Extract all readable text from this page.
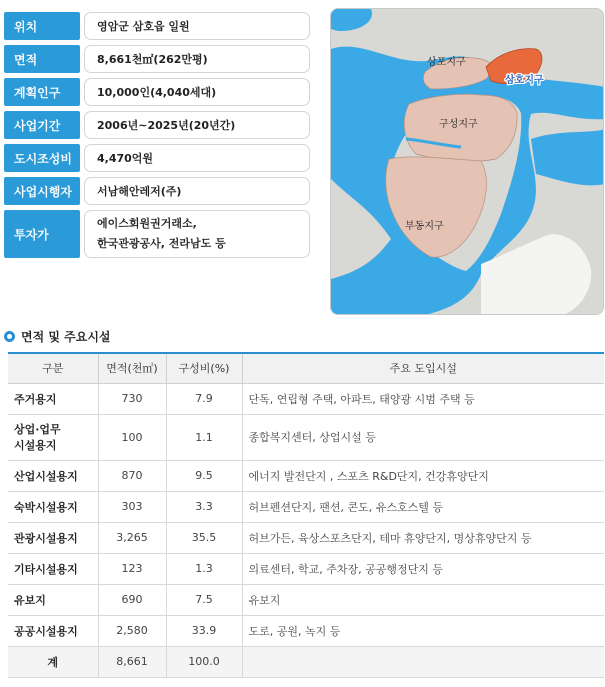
위치	영암군 삼호읍 일원
면적	8,661천㎡(262만평)
계획인구	10,000인(4,040세대)
사업기간	2006년~2025년(20년간)
도시조성비	4,470억원
사업시행자	서남해안레저(주)
투자가
에이스회원권거래소,
한국관광공사, 전라남도 등
삼포지구
삼호지구
구성지구
부동지구
면적 및 주요시설
구분	면적(천㎡)	구성비(%)	주요 도입시설
주거용지	730	7.9	단독, 연립형 주택, 아파트, 태양광 시범 주택 등

상업·업무
시설용지	100	1.1	종합복지센터, 상업시설 등
산업시설용지	870	9.5	에너지 발전단지 , 스포츠 R&D단지, 건강휴양단지
숙박시설용지	303	3.3	허브펜션단지, 팬션, 콘도, 유스호스텔 등
관광시설용지	3,265	35.5	허브가든, 육상스포츠단지, 테마 휴양단지, 명상휴양단지 등
기타시설용지	123	1.3	의료센터, 학교, 주차장, 공공행정단지 등
유보지	690	7.5	유보지
공공시설용지	2,580	33.9	도로, 공원, 녹지 등
계	8,661	100.0	
